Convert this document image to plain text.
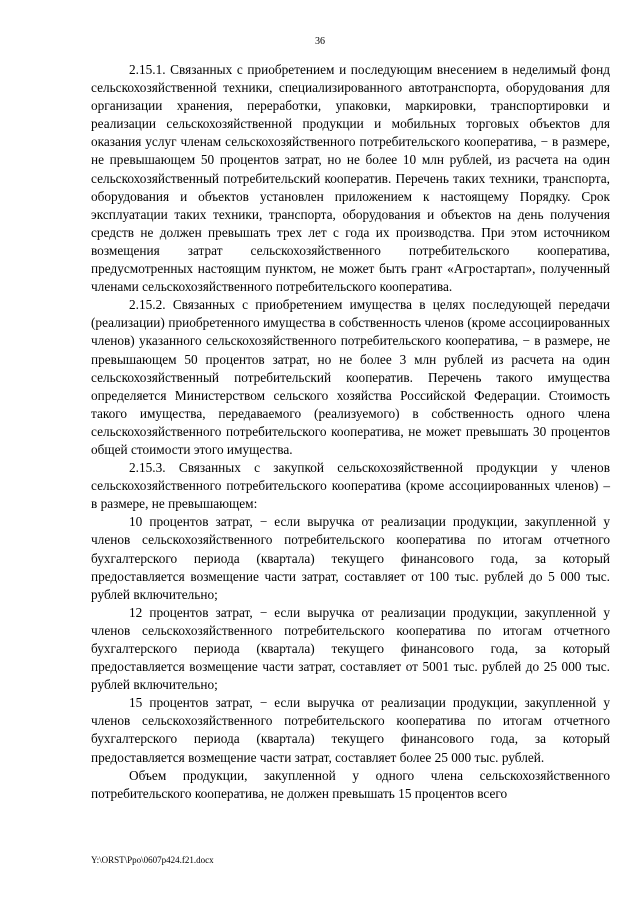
36

2.15.1. Связанных с приобретением и последующим внесением в неделимый фонд сельскохозяйственной техники, специализированного автотранспорта, оборудования для организации хранения, переработки, упаковки, маркировки, транспортировки и реализации сельскохозяйственной продукции и мобильных торговых объектов для оказания услуг членам сельскохозяйственного потребительского кооператива, − в размере, не превышающем 50 процентов затрат, но не более 10 млн рублей, из расчета на один сельскохозяйственный потребительский кооператив. Перечень таких техники, транспорта, оборудования и объектов установлен приложением к настоящему Порядку. Срок эксплуатации таких техники, транспорта, оборудования и объектов на день получения средств не должен превышать трех лет с года их производства. При этом источником возмещения затрат сельскохозяйственного потребительского кооператива, предусмотренных настоящим пунктом, не может быть грант «Агростартап», полученный членами сельскохозяйственного потребительского кооператива.

2.15.2. Связанных с приобретением имущества в целях последующей передачи (реализации) приобретенного имущества в собственность членов (кроме ассоциированных членов) указанного сельскохозяйственного потребительского кооператива, − в размере, не превышающем 50 процентов затрат, но не более 3 млн рублей из расчета на один сельскохозяйственный потребительский кооператив. Перечень такого имущества определяется Министерством сельского хозяйства Российской Федерации. Стоимость такого имущества, передаваемого (реализуемого) в собственность одного члена сельскохозяйственного потребительского кооператива, не может превышать 30 процентов общей стоимости этого имущества.

2.15.3. Связанных с закупкой сельскохозяйственной продукции у членов сельскохозяйственного потребительского кооператива (кроме ассоциированных членов) – в размере, не превышающем:

10 процентов затрат, − если выручка от реализации продукции, закупленной у членов сельскохозяйственного потребительского кооператива по итогам отчетного бухгалтерского периода (квартала) текущего финансового года, за который предоставляется возмещение части затрат, составляет от 100 тыс. рублей до 5 000 тыс. рублей включительно;

12 процентов затрат, − если выручка от реализации продукции, закупленной у членов сельскохозяйственного потребительского кооператива по итогам отчетного бухгалтерского периода (квартала) текущего финансового года, за который предоставляется возмещение части затрат, составляет от 5001 тыс. рублей до 25 000 тыс. рублей включительно;

15 процентов затрат, − если выручка от реализации продукции, закупленной у членов сельскохозяйственного потребительского кооператива по итогам отчетного бухгалтерского периода (квартала) текущего финансового года, за который предоставляется возмещение части затрат, составляет более 25 000 тыс. рублей.

Объем продукции, закупленной у одного члена сельскохозяйственного потребительского кооператива, не должен превышать 15 процентов всего

Y:\ORST\Ppo\0607p424.f21.docx
